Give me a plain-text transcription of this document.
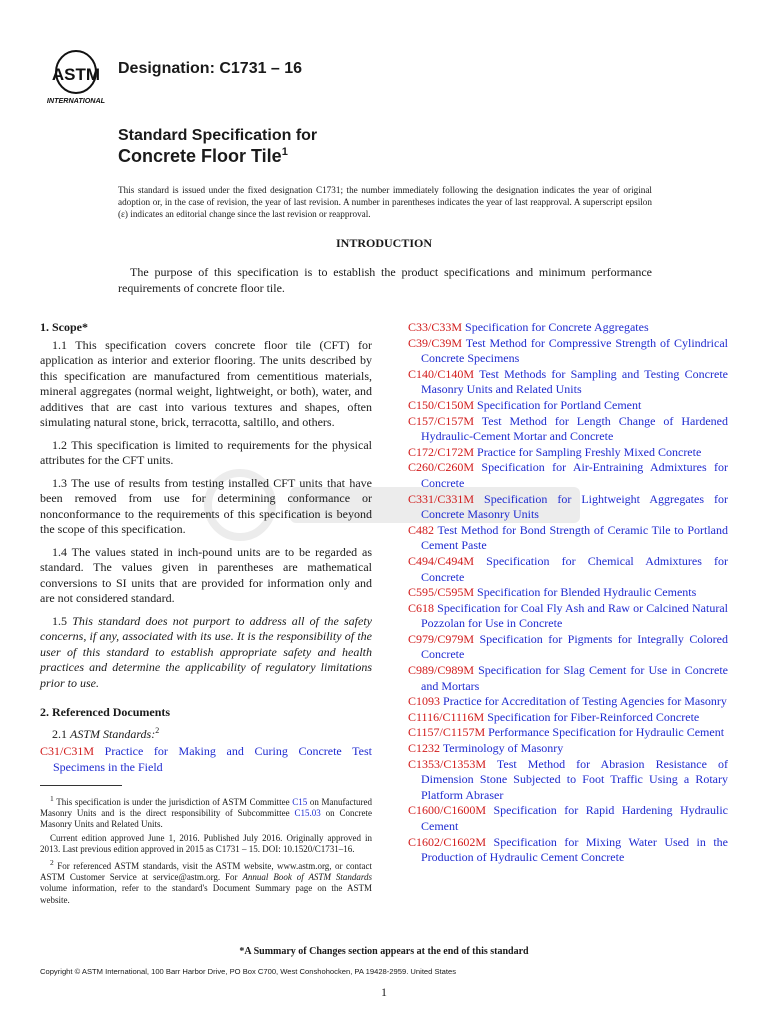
ASTM
INTERNATIONAL
Designation: C1731 – 16
Standard Specification for
Concrete Floor Tile$^1$
This standard is issued under the fixed designation C1731; the number immediately following the designation indicates the year of original adoption or, in the case of revision, the year of last revision. A number in parentheses indicates the year of last reapproval. A superscript epsilon (ε) indicates an editorial change since the last revision or reapproval.
INTRODUCTION
The purpose of this specification is to establish the product specifications and minimum performance requirements of concrete floor tile.
1. Scope*

1.1 This specification covers concrete floor tile (CFT) for application as interior and exterior flooring. The units described by this specification are manufactured from cementitious materials, mineral aggregates (normal weight, lightweight, or both), water, and additives that are cast into various textures and shapes, often simulating natural stone, brick, terracotta, saltillo, and others.

1.2 This specification is limited to requirements for the physical attributes for the CFT units.

1.3 The use of results from testing installed CFT units that have been removed from use for determining conformance or nonconformance to the requirements of this specification is beyond the scope of this specification.

1.4 The values stated in inch-pound units are to be regarded as standard. The values given in parentheses are mathematical conversions to SI units that are provided for information only and are not considered standard.

1.5 This standard does not purport to address all of the safety concerns, if any, associated with its use. It is the responsibility of the user of this standard to establish appropriate safety and health practices and determine the applicability of regulatory limitations prior to use.

2. Referenced Documents
2.1 ASTM Standards:$^2$
C31/C31M Practice for Making and Curing Concrete Test Specimens in the Field
C33/C33M Specification for Concrete Aggregates
C39/C39M Test Method for Compressive Strength of Cylindrical Concrete Specimens
C140/C140M Test Methods for Sampling and Testing Concrete Masonry Units and Related Units
C150/C150M Specification for Portland Cement
C157/C157M Test Method for Length Change of Hardened Hydraulic-Cement Mortar and Concrete
C172/C172M Practice for Sampling Freshly Mixed Concrete
C260/C260M Specification for Air-Entraining Admixtures for Concrete
C331/C331M Specification for Lightweight Aggregates for Concrete Masonry Units
C482 Test Method for Bond Strength of Ceramic Tile to Portland Cement Paste
C494/C494M Specification for Chemical Admixtures for Concrete
C595/C595M Specification for Blended Hydraulic Cements
C618 Specification for Coal Fly Ash and Raw or Calcined Natural Pozzolan for Use in Concrete
C979/C979M Specification for Pigments for Integrally Colored Concrete
C989/C989M Specification for Slag Cement for Use in Concrete and Mortars
C1093 Practice for Accreditation of Testing Agencies for Masonry
C1116/C1116M Specification for Fiber-Reinforced Concrete
C1157/C1157M Performance Specification for Hydraulic Cement
C1232 Terminology of Masonry
C1353/C1353M Test Method for Abrasion Resistance of Dimension Stone Subjected to Foot Traffic Using a Rotary Platform Abraser
C1600/C1600M Specification for Rapid Hardening Hydraulic Cement
C1602/C1602M Specification for Mixing Water Used in the Production of Hydraulic Cement Concrete

$^1$ This specification is under the jurisdiction of ASTM Committee C15 on Manufactured Masonry Units and is the direct responsibility of Subcommittee C15.03 on Concrete Masonry Units and Related Units.

Current edition approved June 1, 2016. Published July 2016. Originally approved in 2013. Last previous edition approved in 2015 as C1731 – 15. DOI: 10.1520/C1731–16.

$^2$ For referenced ASTM standards, visit the ASTM website, www.astm.org, or contact ASTM Customer Service at service@astm.org. For Annual Book of ASTM Standards volume information, refer to the standard's Document Summary page on the ASTM website.

*A Summary of Changes section appears at the end of this standard
Copyright © ASTM International, 100 Barr Harbor Drive, PO Box C700, West Conshohocken, PA 19428-2959. United States
1
